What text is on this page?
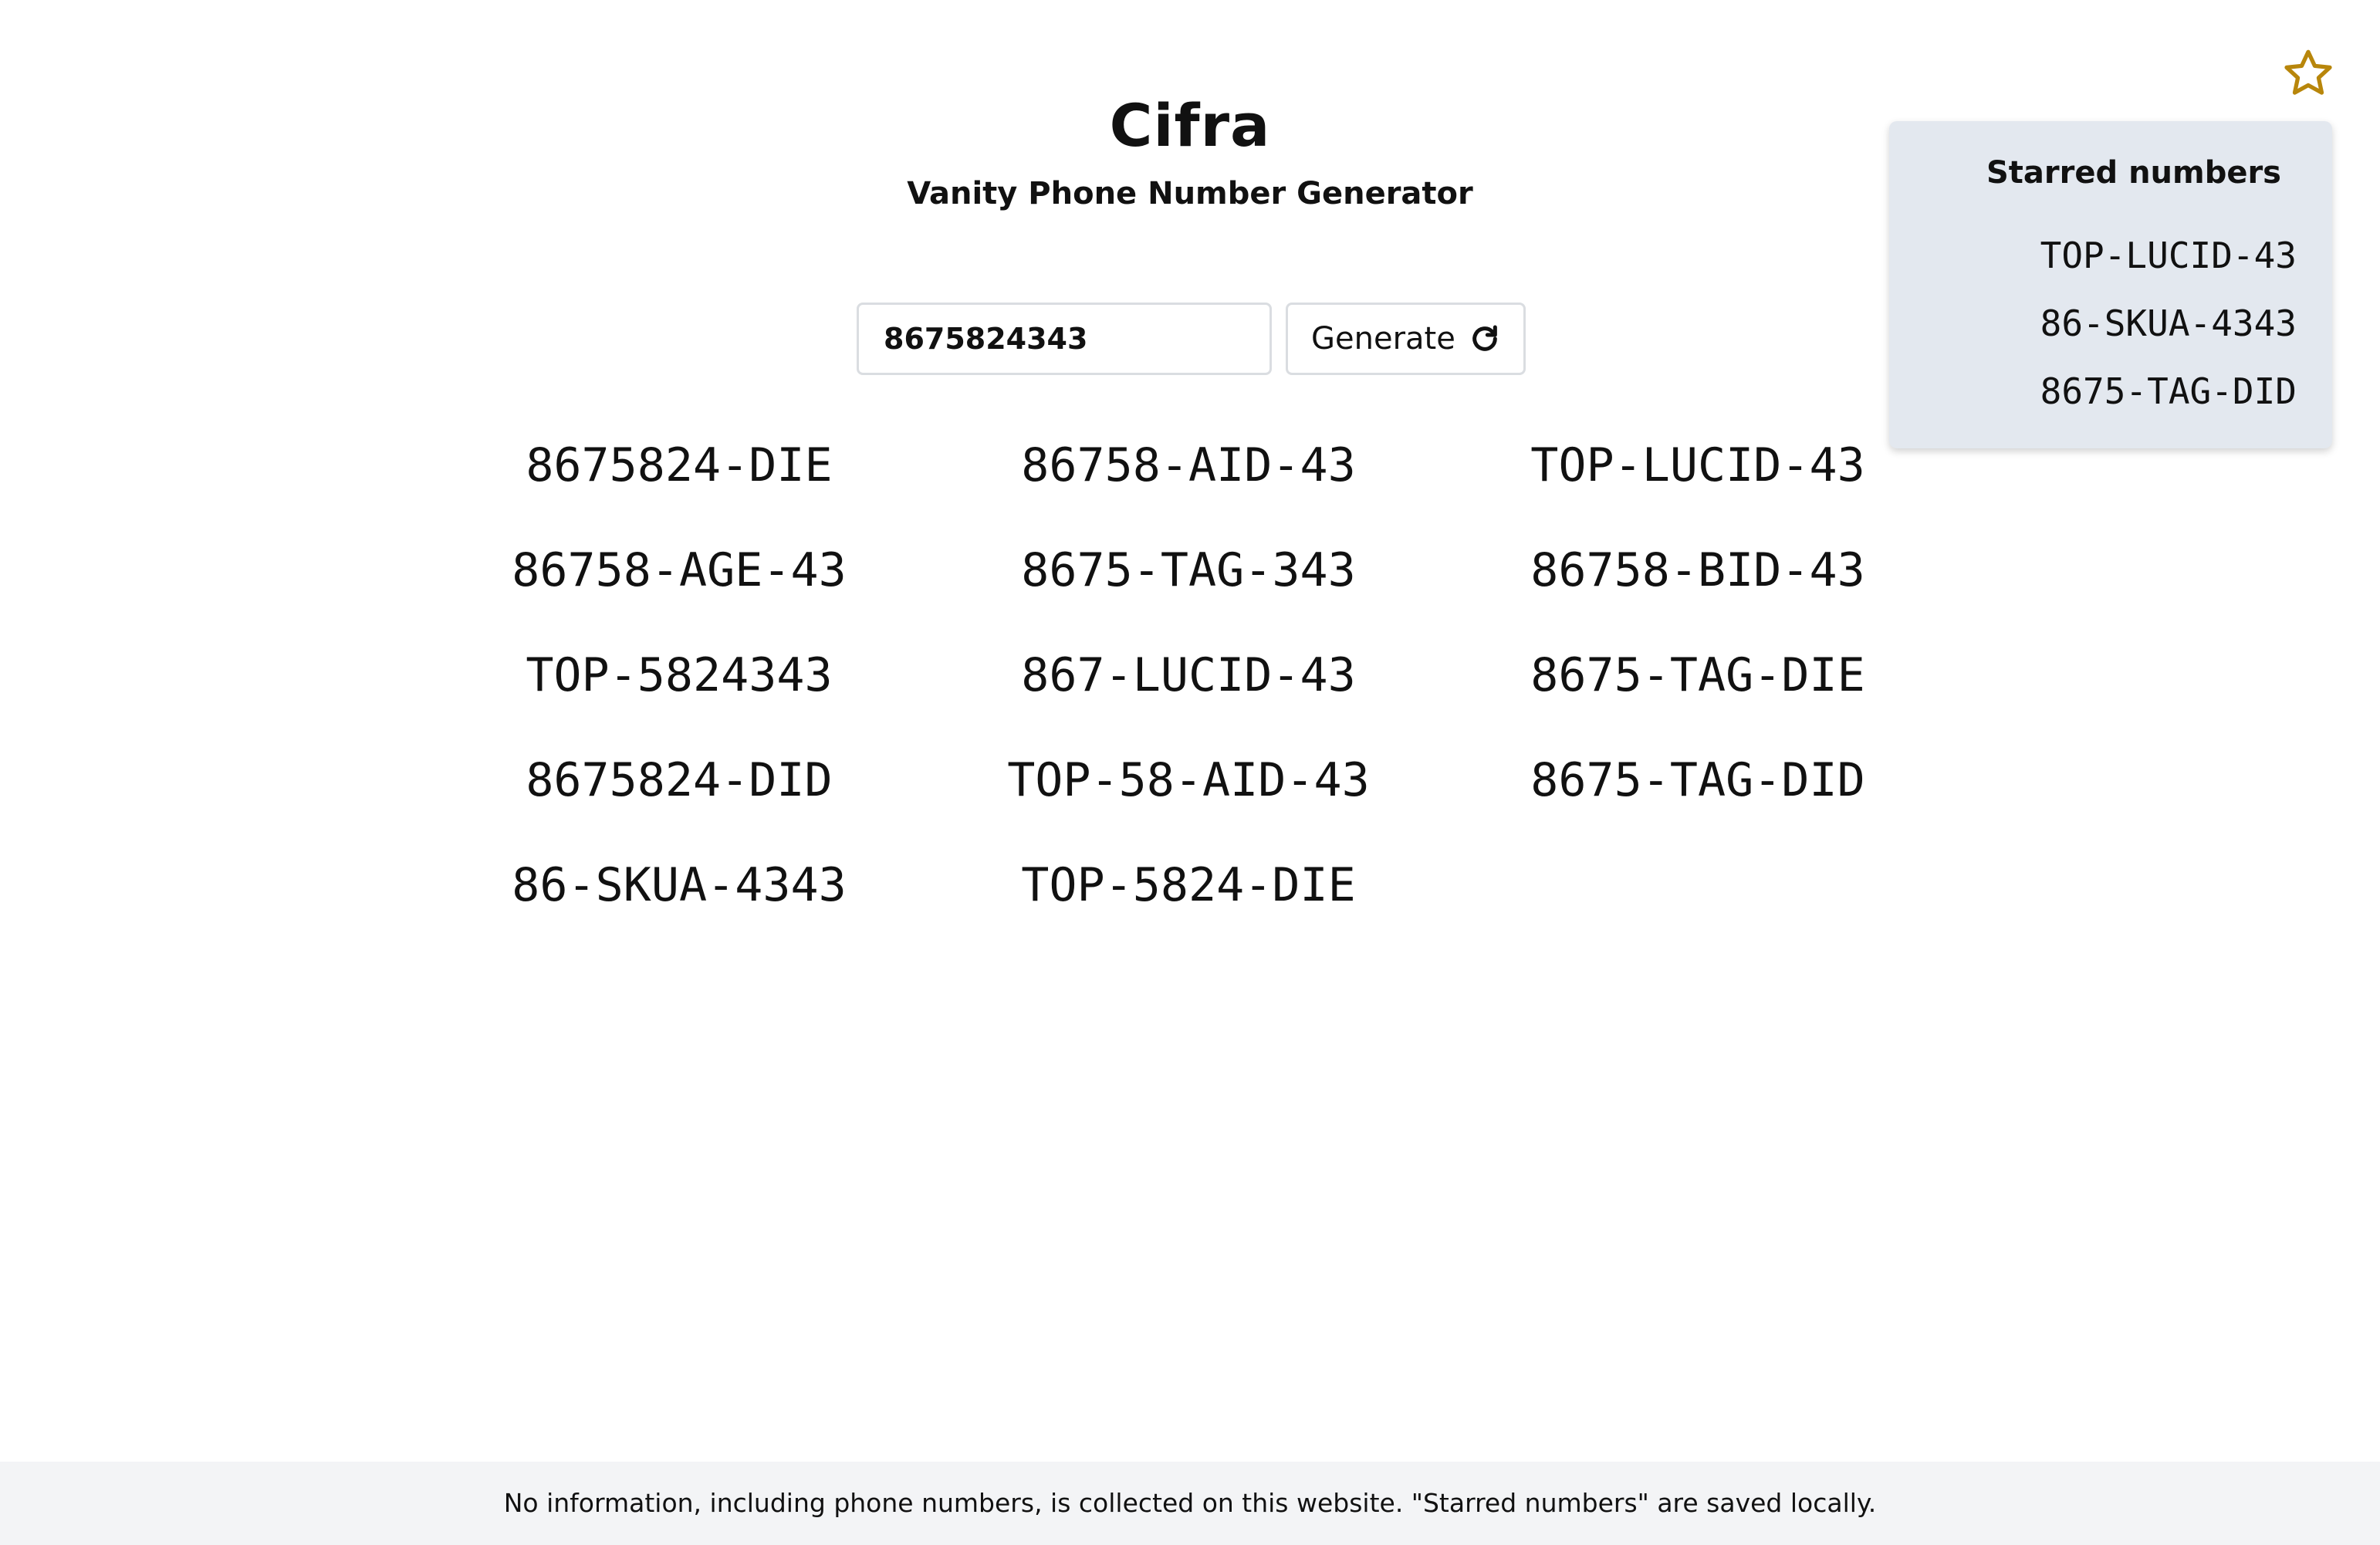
Cifra
Vanity Phone Number Generator
8675824343
Generate
8675824-DIE	86758-AID-43	TOP-LUCID-43
86758-AGE-43	8675-TAG-343	86758-BID-43
TOP-5824343	867-LUCID-43	8675-TAG-DIE
8675824-DID	TOP-58-AID-43	8675-TAG-DID
86-SKUA-4343	TOP-5824-DIE
Starred numbers
TOP-LUCID-43
86-SKUA-4343
8675-TAG-DID
No information, including phone numbers, is collected on this website. "Starred numbers" are saved locally.
